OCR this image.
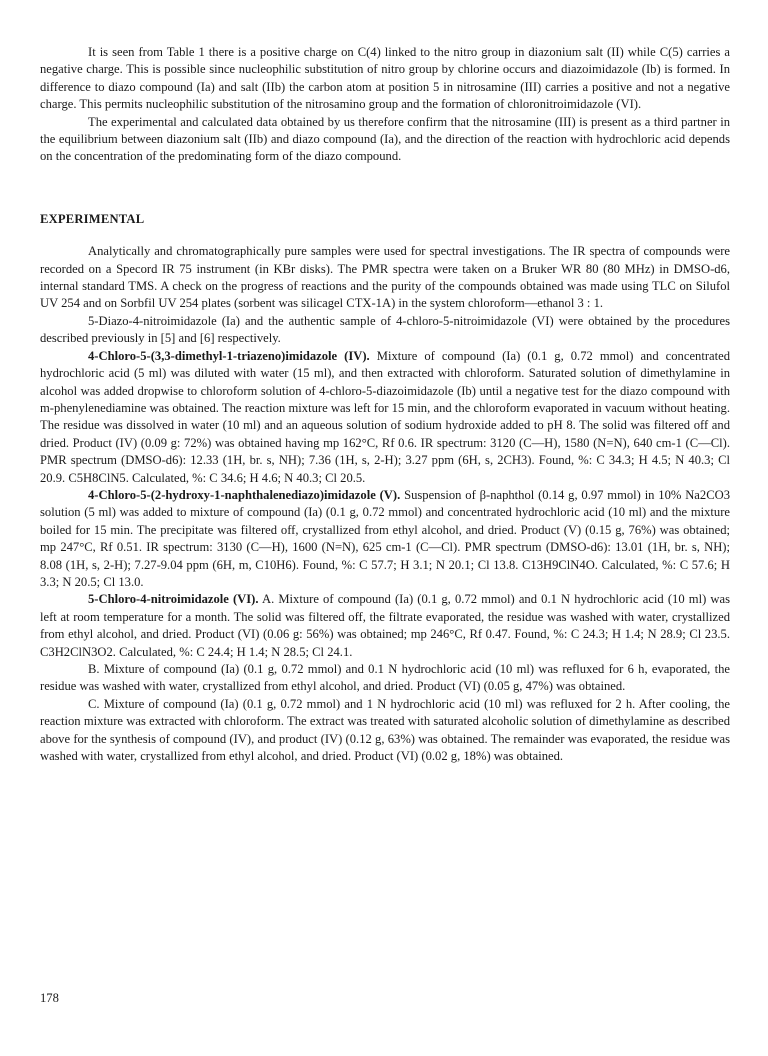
It is seen from Table 1 there is a positive charge on C(4) linked to the nitro group in diazonium salt (II) while C(5) carries a negative charge. This is possible since nucleophilic substitution of nitro group by chlorine occurs and diazoimidazole (Ib) is formed. In difference to diazo compound (Ia) and salt (IIb) the carbon atom at position 5 in nitrosamine (III) carries a positive and not a negative charge. This permits nucleophilic substitution of the nitrosamino group and the formation of chloronitroimidazole (VI).

The experimental and calculated data obtained by us therefore confirm that the nitrosamine (III) is present as a third partner in the equilibrium between diazonium salt (IIb) and diazo compound (Ia), and the direction of the reaction with hydrochloric acid depends on the concentration of the predominating form of the diazo compound.

EXPERIMENTAL

Analytically and chromatographically pure samples were used for spectral investigations. The IR spectra of compounds were recorded on a Specord IR 75 instrument (in KBr disks). The PMR spectra were taken on a Bruker WR 80 (80 MHz) in DMSO-d6, internal standard TMS. A check on the progress of reactions and the purity of the compounds obtained was made using TLC on Silufol UV 254 and on Sorbfil UV 254 plates (sorbent was silicagel CTX-1A) in the system chloroform—ethanol 3 : 1.

5-Diazo-4-nitroimidazole (Ia) and the authentic sample of 4-chloro-5-nitroimidazole (VI) were obtained by the procedures described previously in [5] and [6] respectively.

4-Chloro-5-(3,3-dimethyl-1-triazeno)imidazole (IV). Mixture of compound (Ia) (0.1 g, 0.72 mmol) and concentrated hydrochloric acid (5 ml) was diluted with water (15 ml), and then extracted with chloroform. Saturated solution of dimethylamine in alcohol was added dropwise to chloroform solution of 4-chloro-5-diazoimidazole (Ib) until a negative test for the diazo compound with m-phenylenediamine was obtained. The reaction mixture was left for 15 min, and the chloroform evaporated in vacuum without heating. The residue was dissolved in water (10 ml) and an aqueous solution of sodium hydroxide added to pH 8. The solid was filtered off and dried. Product (IV) (0.09 g: 72%) was obtained having mp 162°C, Rf 0.6. IR spectrum: 3120 (C—H), 1580 (N=N), 640 cm-1 (C—Cl). PMR spectrum (DMSO-d6): 12.33 (1H, br. s, NH); 7.36 (1H, s, 2-H); 3.27 ppm (6H, s, 2CH3). Found, %: C 34.3; H 4.5; N 40.3; Cl 20.9. C5H8ClN5. Calculated, %: C 34.6; H 4.6; N 40.3; Cl 20.5.

4-Chloro-5-(2-hydroxy-1-naphthalenediazo)imidazole (V). Suspension of β-naphthol (0.14 g, 0.97 mmol) in 10% Na2CO3 solution (5 ml) was added to mixture of compound (Ia) (0.1 g, 0.72 mmol) and concentrated hydrochloric acid (10 ml) and the mixture boiled for 15 min. The precipitate was filtered off, crystallized from ethyl alcohol, and dried. Product (V) (0.15 g, 76%) was obtained; mp 247°C, Rf 0.51. IR spectrum: 3130 (C—H), 1600 (N=N), 625 cm-1 (C—Cl). PMR spectrum (DMSO-d6): 13.01 (1H, br. s, NH); 8.08 (1H, s, 2-H); 7.27-9.04 ppm (6H, m, C10H6). Found, %: C 57.7; H 3.1; N 20.1; Cl 13.8. C13H9ClN4O. Calculated, %: C 57.6; H 3.3; N 20.5; Cl 13.0.

5-Chloro-4-nitroimidazole (VI). A. Mixture of compound (Ia) (0.1 g, 0.72 mmol) and 0.1 N hydrochloric acid (10 ml) was left at room temperature for a month. The solid was filtered off, the filtrate evaporated, the residue was washed with water, crystallized from ethyl alcohol, and dried. Product (VI) (0.06 g: 56%) was obtained; mp 246°C, Rf 0.47. Found, %: C 24.3; H 1.4; N 28.9; Cl 23.5. C3H2ClN3O2. Calculated, %: C 24.4; H 1.4; N 28.5; Cl 24.1.

B. Mixture of compound (Ia) (0.1 g, 0.72 mmol) and 0.1 N hydrochloric acid (10 ml) was refluxed for 6 h, evaporated, the residue was washed with water, crystallized from ethyl alcohol, and dried. Product (VI) (0.05 g, 47%) was obtained.

C. Mixture of compound (Ia) (0.1 g, 0.72 mmol) and 1 N hydrochloric acid (10 ml) was refluxed for 2 h. After cooling, the reaction mixture was extracted with chloroform. The extract was treated with saturated alcoholic solution of dimethylamine as described above for the synthesis of compound (IV), and product (IV) (0.12 g, 63%) was obtained. The remainder was evaporated, the residue was washed with water, crystallized from ethyl alcohol, and dried. Product (VI) (0.02 g, 18%) was obtained.

178
